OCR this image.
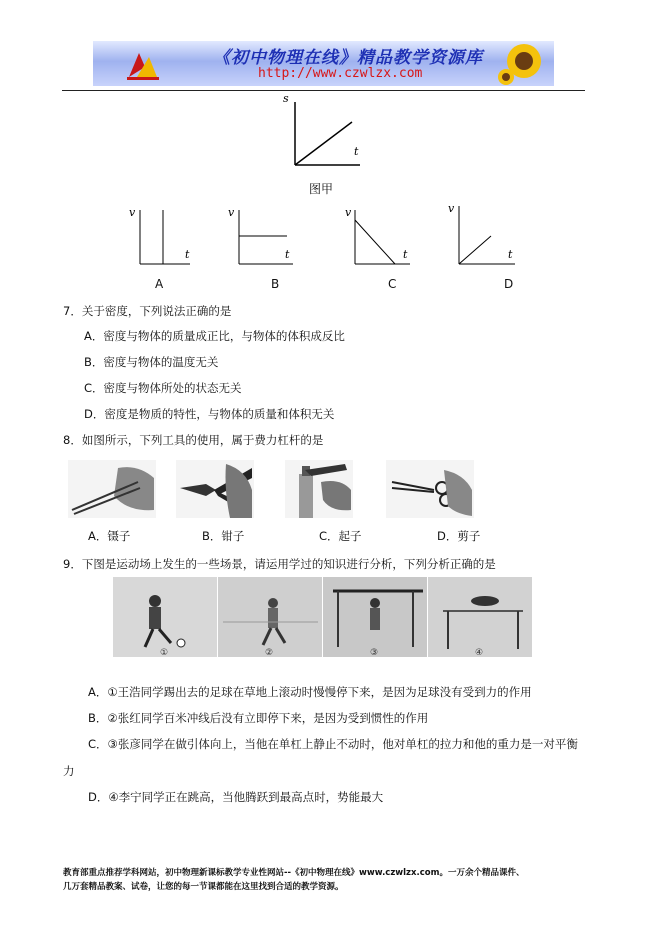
《初中物理在线》精品教学资源库
http://www.czwlzx.com
s
t
图甲
v
t
v
t
v
t
v
t
A	B	C	D
7．关于密度，下列说法正确的是
A．密度与物体的质量成正比，与物体的体积成反比
B．密度与物体的温度无关
C．密度与物体所处的状态无关
D．密度是物质的特性，与物体的质量和体积无关
8．如图所示，下列工具的使用，属于费力杠杆的是
A．镊子	B．钳子	C．起子	D．剪子
9．下图是运动场上发生的一些场景，请运用学过的知识进行分析，下列分析正确的是
①	②	③	④
A．①王浩同学踢出去的足球在草地上滚动时慢慢停下来，是因为足球没有受到力的作用
B．②张红同学百米冲线后没有立即停下来，是因为受到惯性的作用
C．③张彦同学在做引体向上，当他在单杠上静止不动时，他对单杠的拉力和他的重力是一对平衡
力
D．④李宁同学正在跳高，当他腾跃到最高点时，势能最大
教育部重点推荐学科网站，初中物理新课标教学专业性网站--《初中物理在线》www.czwlzx.com。一万余个精品课件、
几万套精品教案、试卷，让您的每一节课都能在这里找到合适的教学资源。
